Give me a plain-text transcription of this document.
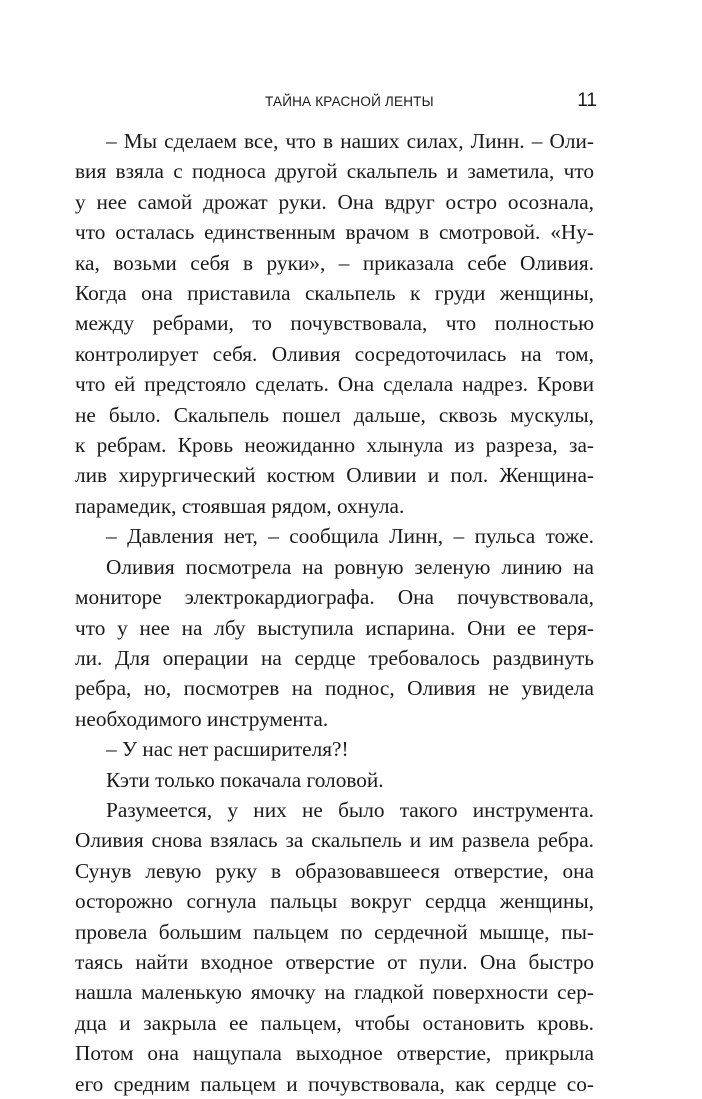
ТАЙНА КРАСНОЙ ЛЕНТЫ	11
– Мы сделаем все, что в наших силах, Линн. – Оли-
вия взяла с подноса другой скальпель и заметила, что
у нее самой дрожат руки. Она вдруг остро осознала,
что осталась единственным врачом в смотровой. «Ну-
ка, возьми себя в руки», – приказала себе Оливия.
Когда она приставила скальпель к груди женщины,
между ребрами, то почувствовала, что полностью
контролирует себя. Оливия сосредоточилась на том,
что ей предстояло сделать. Она сделала надрез. Крови
не было. Скальпель пошел дальше, сквозь мускулы,
к ребрам. Кровь неожиданно хлынула из разреза, за-
лив хирургический костюм Оливии и пол. Женщина-
парамедик, стоявшая рядом, охнула.
– Давления нет, – сообщила Линн, – пульса тоже.
Оливия посмотрела на ровную зеленую линию на
мониторе электрокардиографа. Она почувствовала,
что у нее на лбу выступила испарина. Они ее теря-
ли. Для операции на сердце требовалось раздвинуть
ребра, но, посмотрев на поднос, Оливия не увидела
необходимого инструмента.
– У нас нет расширителя?!
Кэти только покачала головой.
Разумеется, у них не было такого инструмента.
Оливия снова взялась за скальпель и им развела ребра.
Сунув левую руку в образовавшееся отверстие, она
осторожно согнула пальцы вокруг сердца женщины,
провела большим пальцем по сердечной мышце, пы-
таясь найти входное отверстие от пули. Она быстро
нашла маленькую ямочку на гладкой поверхности сер-
дца и закрыла ее пальцем, чтобы остановить кровь.
Потом она нащупала выходное отверстие, прикрыла
его средним пальцем и почувствовала, как сердце со-
